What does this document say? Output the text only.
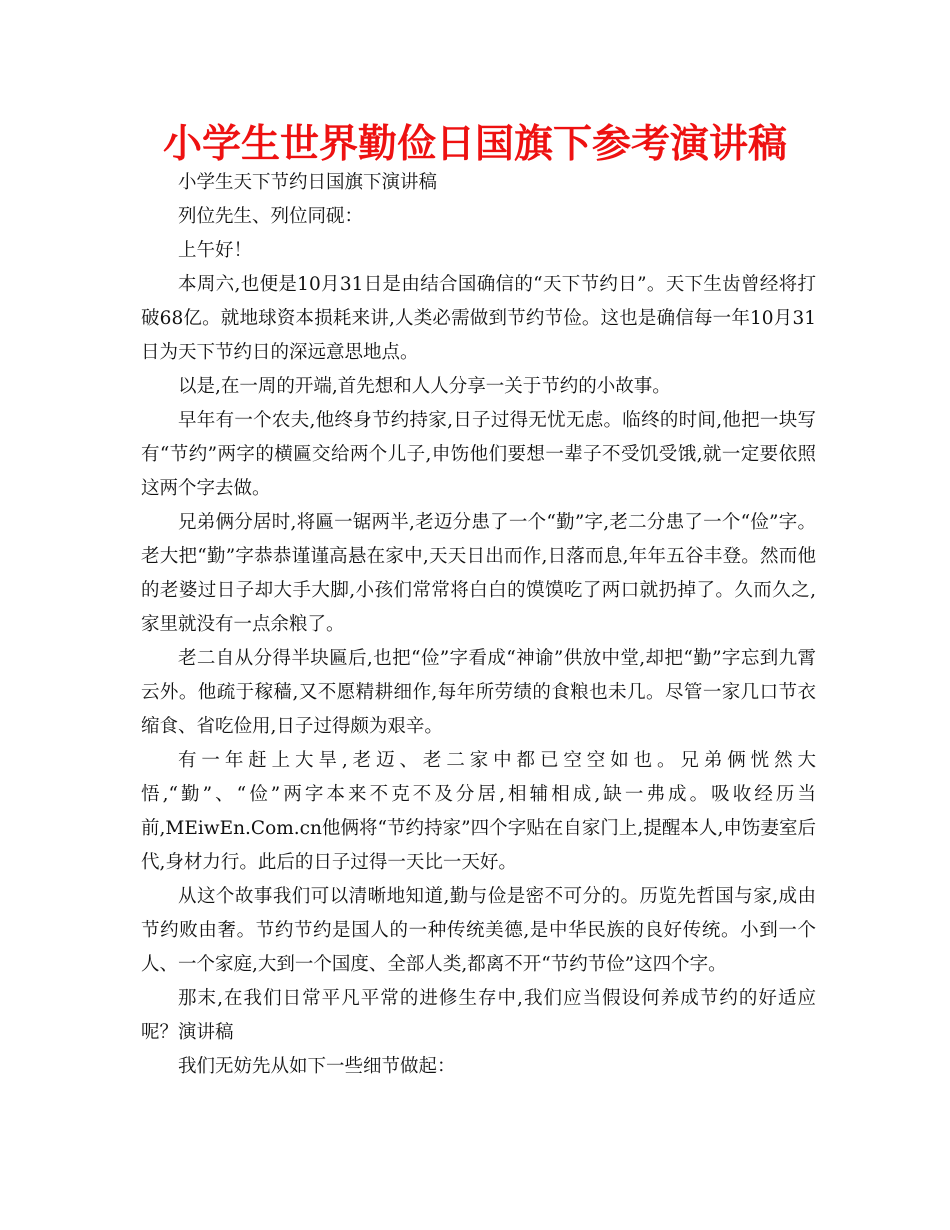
小学生世界勤俭日国旗下参考演讲稿

小学生天下节约日国旗下演讲稿

列位先生、列位同砚：

上午好！

本周六,也便是10月31日是由结合国确信的“天下节约日”。天下生齿曾经将打破68亿。就地球资本损耗来讲,人类必需做到节约节俭。这也是确信每一年10月31日为天下节约日的深远意思地点。

以是,在一周的开端,首先想和人人分享一关于节约的小故事。

早年有一个农夫,他终身节约持家,日子过得无忧无虑。临终的时间,他把一块写有“节约”两字的横匾交给两个儿子,申饬他们要想一辈子不受饥受饿,就一定要依照这两个字去做。

兄弟俩分居时,将匾一锯两半,老迈分患了一个“勤”字,老二分患了一个“俭”字。老大把“勤”字恭恭谨谨高悬在家中,天天日出而作,日落而息,年年五谷丰登。然而他的老婆过日子却大手大脚,小孩们常常将白白的馍馍吃了两口就扔掉了。久而久之,家里就没有一点余粮了。

老二自从分得半块匾后,也把“俭”字看成“神谕”供放中堂,却把“勤”字忘到九霄云外。他疏于稼穑,又不愿精耕细作,每年所劳绩的食粮也未几。尽管一家几口节衣缩食、省吃俭用,日子过得颇为艰辛。

有一年赶上大旱,老迈、老二家中都已空空如也。兄弟俩恍然大悟,“勤”、“俭”两字本来不克不及分居,相辅相成,缺一弗成。吸收经历当前,MEiwEn.Com.cn他俩将“节约持家”四个字贴在自家门上,提醒本人,申饬妻室后代,身材力行。此后的日子过得一天比一天好。

从这个故事我们可以清晰地知道,勤与俭是密不可分的。历览先哲国与家,成由节约败由奢。节约节约是国人的一种传统美德,是中华民族的良好传统。小到一个人、一个家庭,大到一个国度、全部人类,都离不开“节约节俭”这四个字。

那末,在我们日常平凡平常的进修生存中,我们应当假设何养成节约的好适应呢？演讲稿

我们无妨先从如下一些细节做起：
